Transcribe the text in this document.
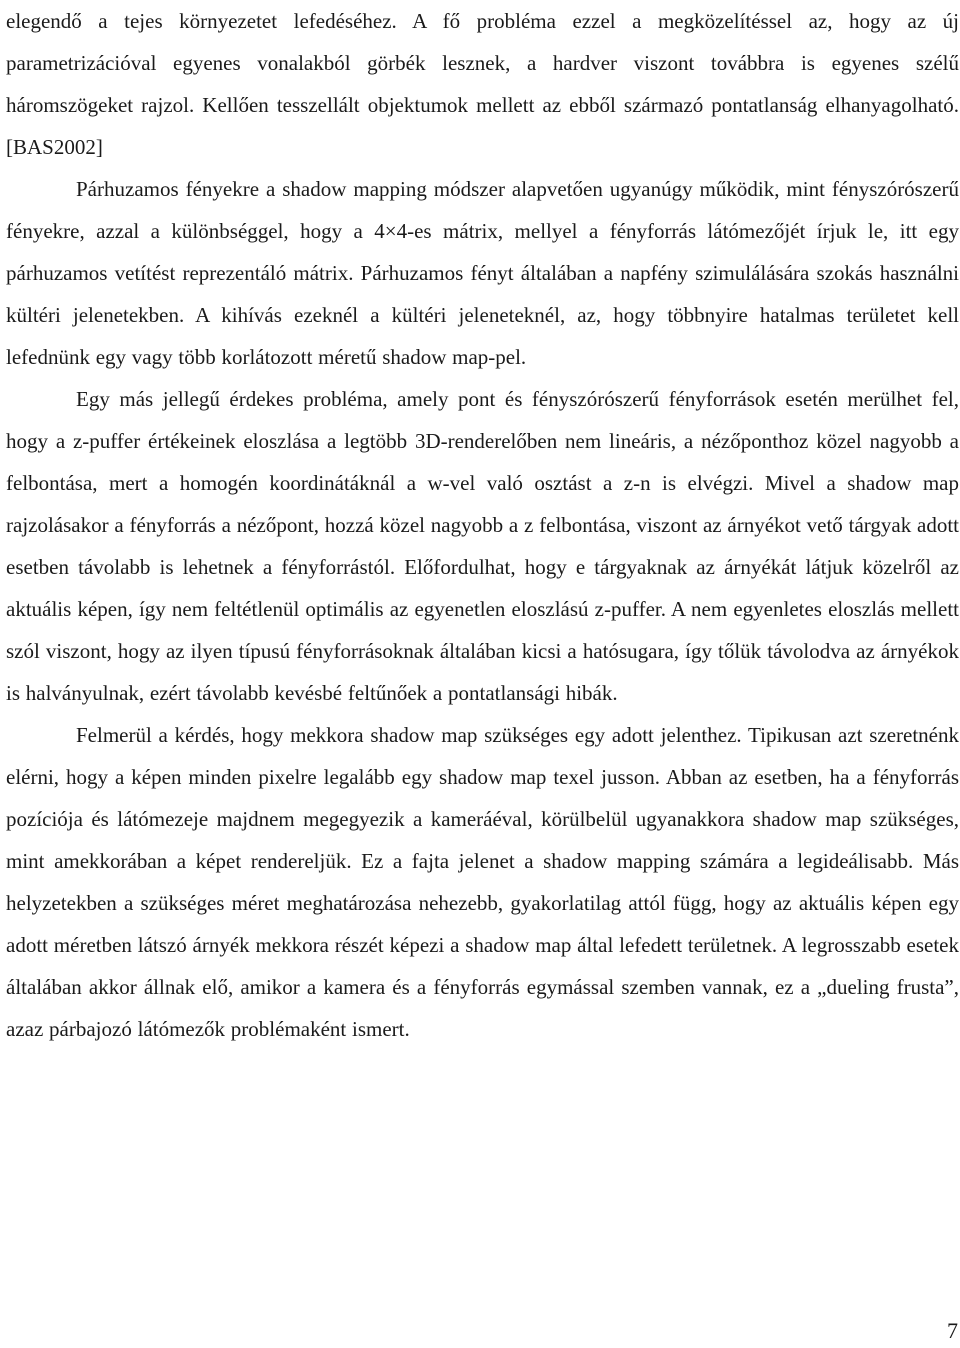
elegendő a tejes környezetet lefedéséhez. A fő probléma ezzel a megközelítéssel az, hogy az új parametrizációval egyenes vonalakból görbék lesznek, a hardver viszont továbbra is egyenes szélű háromszögeket rajzol. Kellően tesszellált objektumok mellett az ebből származó pontatlanság elhanyagolható. [BAS2002]

Párhuzamos fényekre a shadow mapping módszer alapvetően ugyanúgy működik, mint fényszórószerű fényekre, azzal a különbséggel, hogy a 4×4-es mátrix, mellyel a fényforrás látómezőjét írjuk le, itt egy párhuzamos vetítést reprezentáló mátrix. Párhuzamos fényt általában a napfény szimulálására szokás használni kültéri jelenetekben. A kihívás ezeknél a kültéri jeleneteknél, az, hogy többnyire hatalmas területet kell lefednünk egy vagy több korlátozott méretű shadow map-pel.

Egy más jellegű érdekes probléma, amely pont és fényszórószerű fényforrások esetén merülhet fel, hogy a z-puffer értékeinek eloszlása a legtöbb 3D-renderelőben nem lineáris, a nézőponthoz közel nagyobb a felbontása, mert a homogén koordinátáknál a w-vel való osztást a z-n is elvégzi. Mivel a shadow map rajzolásakor a fényforrás a nézőpont, hozzá közel nagyobb a z felbontása, viszont az árnyékot vető tárgyak adott esetben távolabb is lehetnek a fényforrástól. Előfordulhat, hogy e tárgyaknak az árnyékát látjuk közelről az aktuális képen, így nem feltétlenül optimális az egyenetlen eloszlású z-puffer. A nem egyenletes eloszlás mellett szól viszont, hogy az ilyen típusú fényforrásoknak általában kicsi a hatósugara, így tőlük távolodva az árnyékok is halványulnak, ezért távolabb kevésbé feltűnőek a pontatlansági hibák.

Felmerül a kérdés, hogy mekkora shadow map szükséges egy adott jelenthez. Tipikusan azt szeretnénk elérni, hogy a képen minden pixelre legalább egy shadow map texel jusson. Abban az esetben, ha a fényforrás pozíciója és látómezeje majdnem megegyezik a kameráéval, körülbelül ugyanakkora shadow map szükséges, mint amekkorában a képet rendereljük. Ez a fajta jelenet a shadow mapping számára a legideálisabb. Más helyzetekben a szükséges méret meghatározása nehezebb, gyakorlatilag attól függ, hogy az aktuális képen egy adott méretben látszó árnyék mekkora részét képezi a shadow map által lefedett területnek. A legrosszabb esetek általában akkor állnak elő, amikor a kamera és a fényforrás egymással szemben vannak, ez a „dueling frusta”, azaz párbajozó látómezők problémaként ismert.

7
